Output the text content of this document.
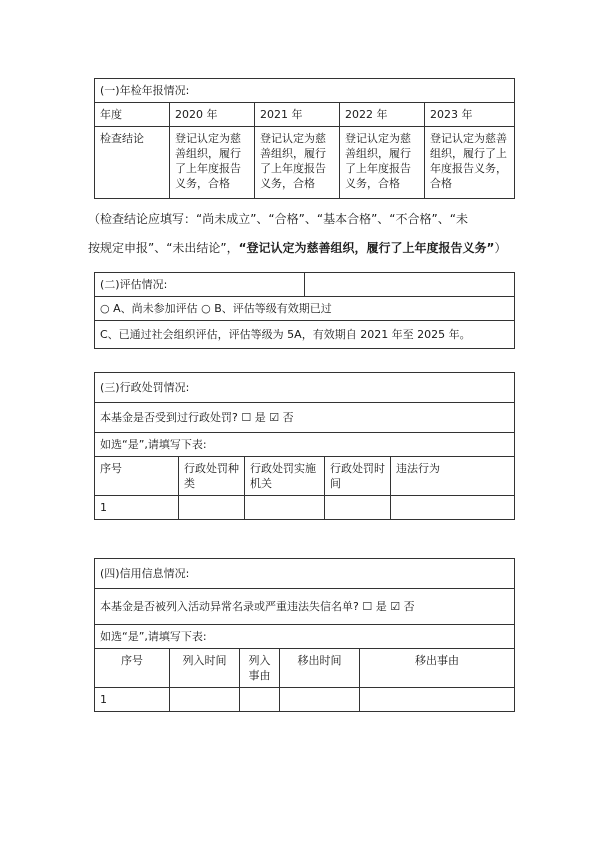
(一)年检年报情况:				
年度	2020 年	2021 年	2022 年	2023 年
检查结论	登记认定为慈善组织，履行了上年度报告义务，合格	登记认定为慈善组织，履行了上年度报告义务，合格	登记认定为慈善组织，履行了上年度报告义务，合格	登记认定为慈善组织，履行了上年度报告义务，合格
（检查结论应填写：“尚未成立”、“合格”、“基本合格”、“不合格”、“未
按规定申报”、“未出结论”，“登记认定为慈善组织，履行了上年度报告义务”）
(二)评估情况:	
○ A、尚未参加评估 ○ B、评估等级有效期已过
C、已通过社会组织评估，评估等级为 5A，有效期自 2021 年至 2025 年。
(三)行政处罚情况:				
本基金是否受到过行政处罚? ☐ 是 ☑ 否				
如选“是”,请填写下表:				
序号	行政处罚种类	行政处罚实施机关	行政处罚时间	违法行为
1				
(四)信用信息情况:				
本基金是否被列入活动异常名录或严重违法失信名单? ☐ 是 ☑ 否				
如选“是”,请填写下表:				
序号	列入时间	列入事由	移出时间	移出事由
1				
